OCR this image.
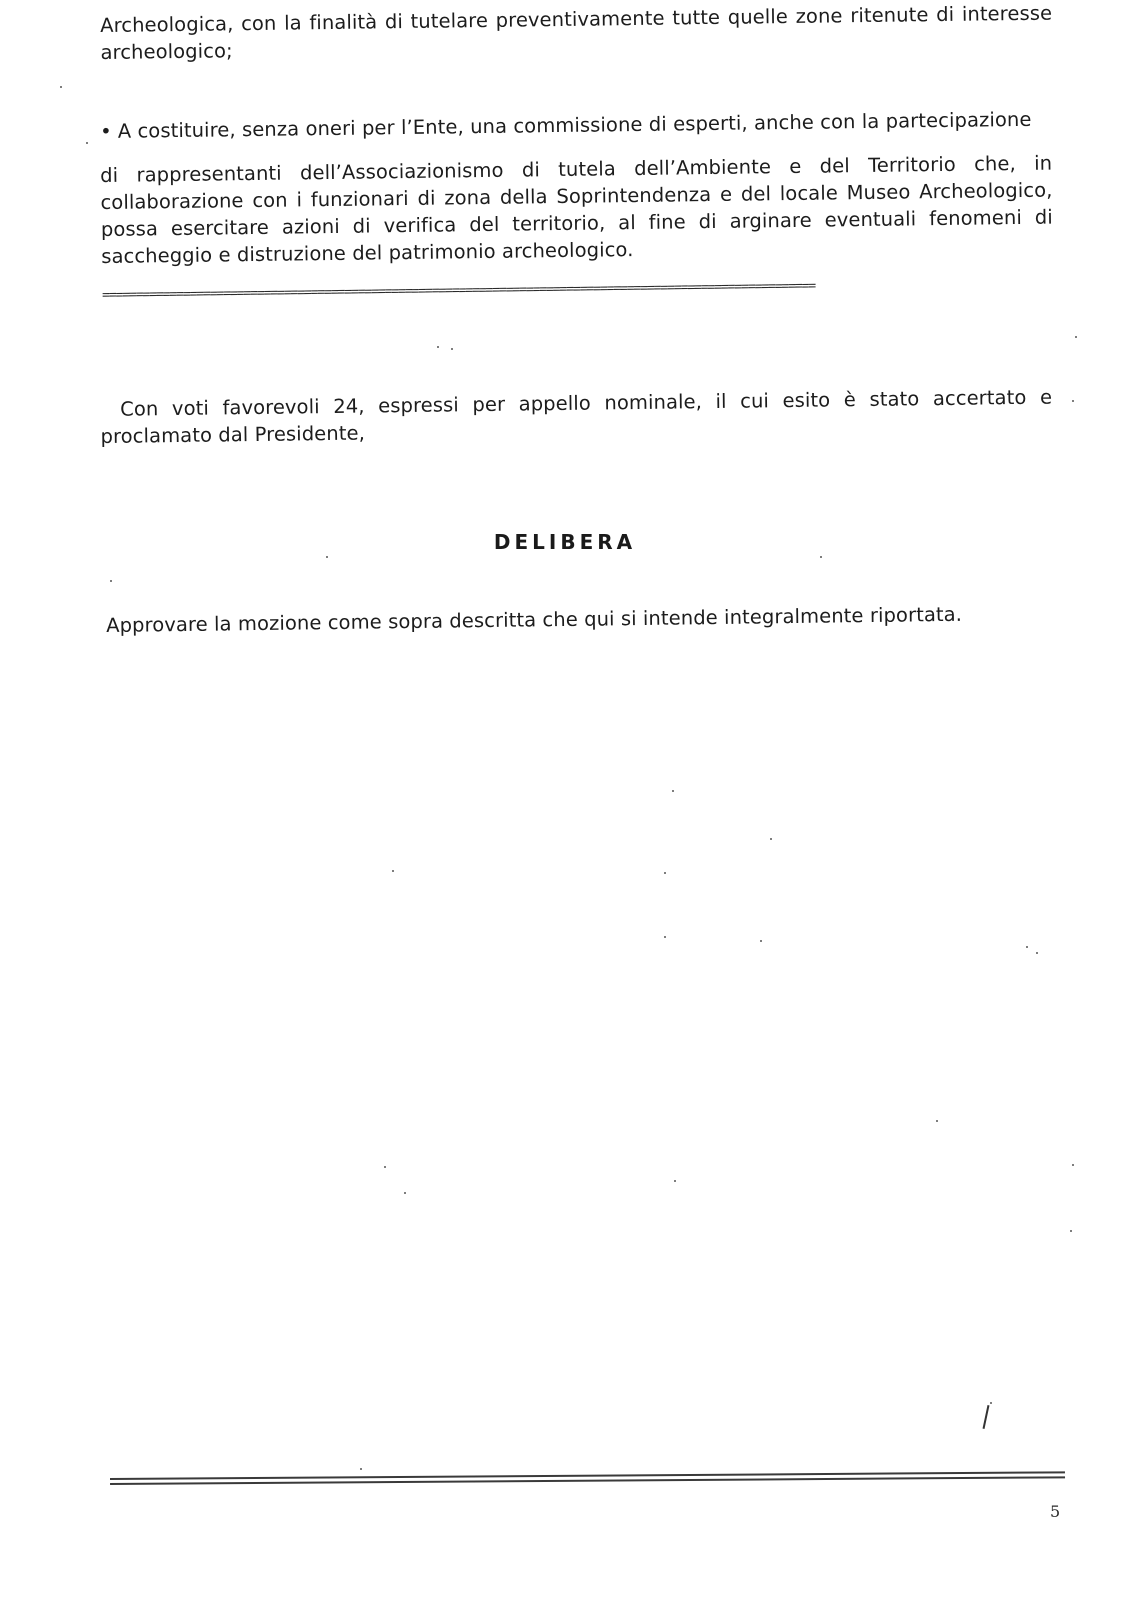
Archeologica, con la finalità di tutelare preventivamente tutte quelle zone ritenute di interesse archeologico;

• A costituire, senza oneri per l’Ente, una commissione di esperti, anche con la partecipazione

di rappresentanti dell’Associazionismo di tutela dell’Ambiente e del Territorio che, in collaborazione con i funzionari di zona della Soprintendenza e del locale Museo Archeologico, possa esercitare azioni di verifica del territorio, al fine di arginare eventuali fenomeni di saccheggio e distruzione del patrimonio archeologico.

==========================================================================================================

Con voti favorevoli 24, espressi per appello nominale, il cui esito è stato accertato e proclamato dal Presidente,

DELIBERA

Approvare la mozione come sopra descritta che qui si intende integralmente riportata.

5
